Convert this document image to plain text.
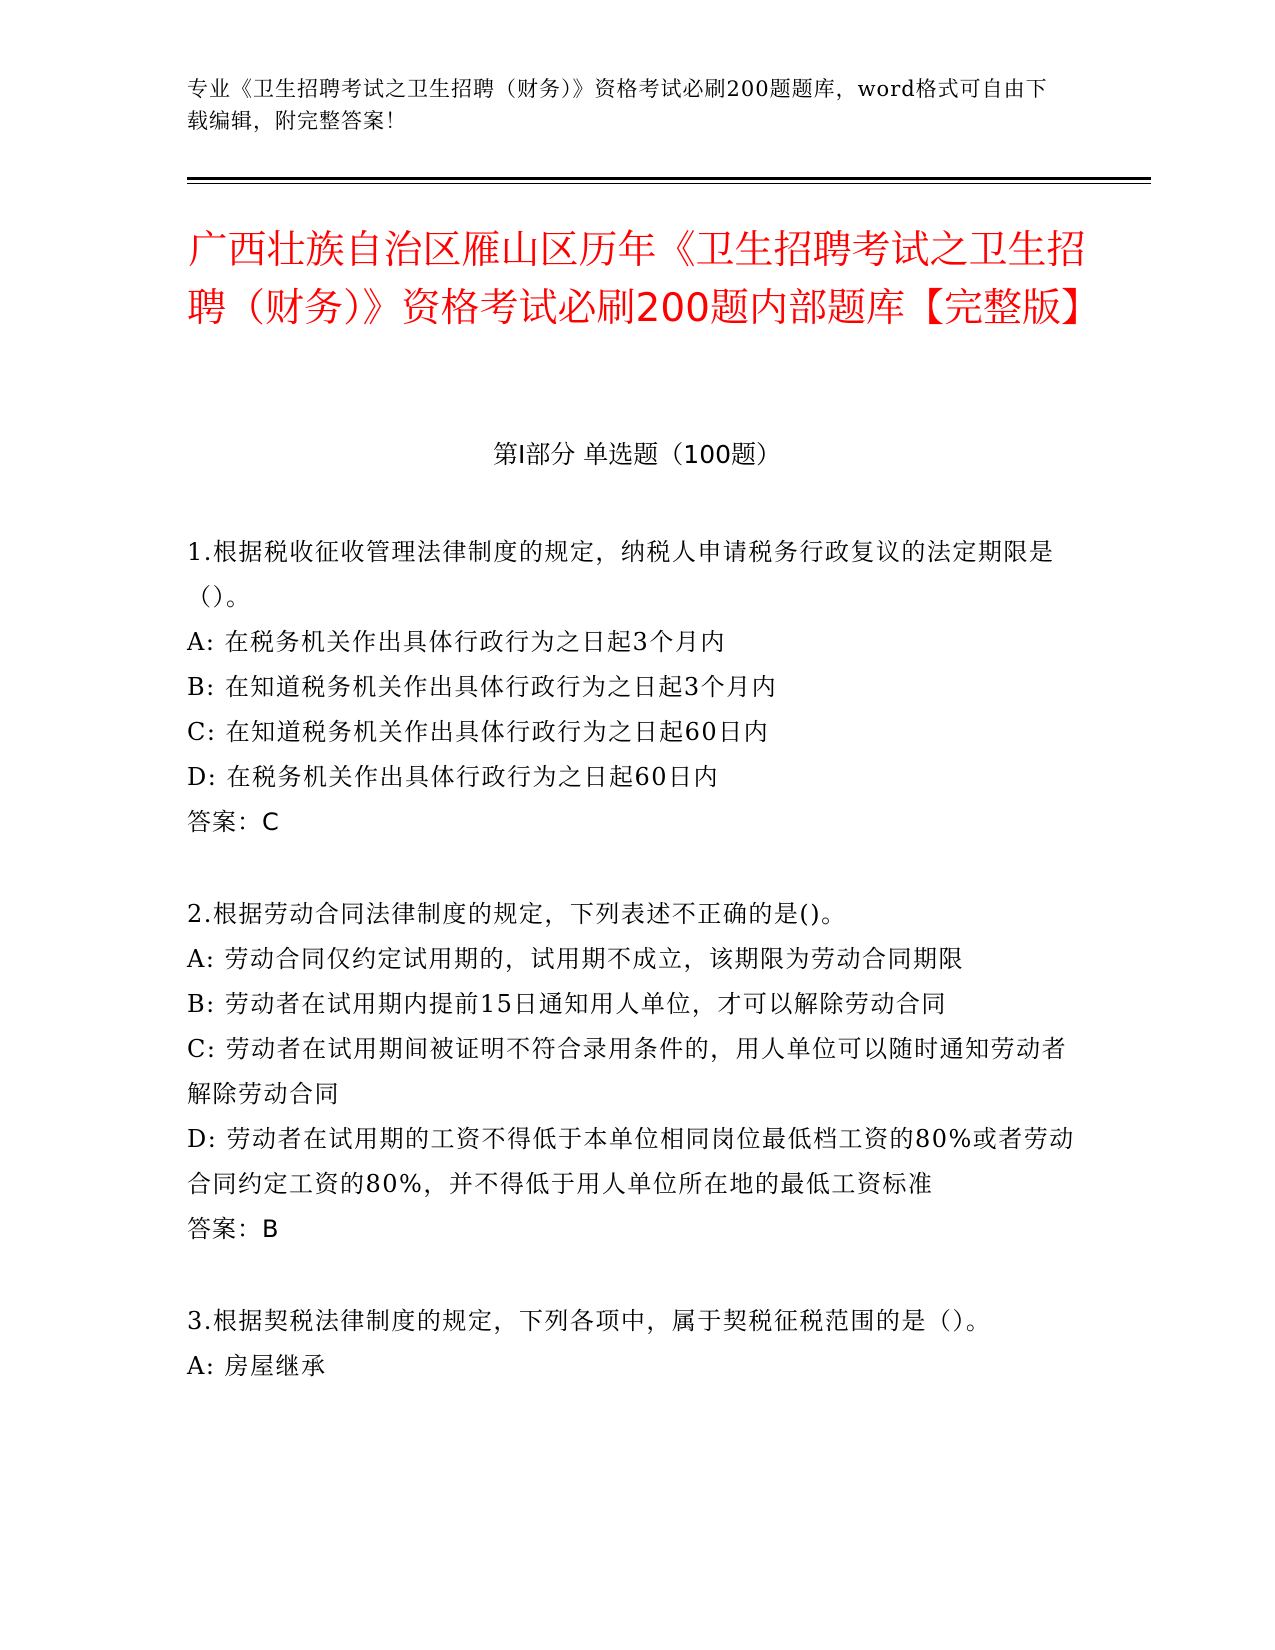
专业《卫生招聘考试之卫生招聘（财务）》资格考试必刷200题题库，word格式可自由下载编辑，附完整答案！
广西壮族自治区雁山区历年《卫生招聘考试之卫生招聘（财务）》资格考试必刷200题内部题库【完整版】
第Ⅰ部分 单选题（100题）
1.根据税收征收管理法律制度的规定，纳税人申请税务行政复议的法定期限是（）。
A: 在税务机关作出具体行政行为之日起3个月内
B: 在知道税务机关作出具体行政行为之日起3个月内
C: 在知道税务机关作出具体行政行为之日起60日内
D: 在税务机关作出具体行政行为之日起60日内
答案：C
2.根据劳动合同法律制度的规定，下列表述不正确的是()。
A: 劳动合同仅约定试用期的，试用期不成立，该期限为劳动合同期限
B: 劳动者在试用期内提前15日通知用人单位，才可以解除劳动合同
C: 劳动者在试用期间被证明不符合录用条件的，用人单位可以随时通知劳动者解除劳动合同
D: 劳动者在试用期的工资不得低于本单位相同岗位最低档工资的80%或者劳动合同约定工资的80%，并不得低于用人单位所在地的最低工资标准
答案：B
3.根据契税法律制度的规定，下列各项中，属于契税征税范围的是（）。
A: 房屋继承
